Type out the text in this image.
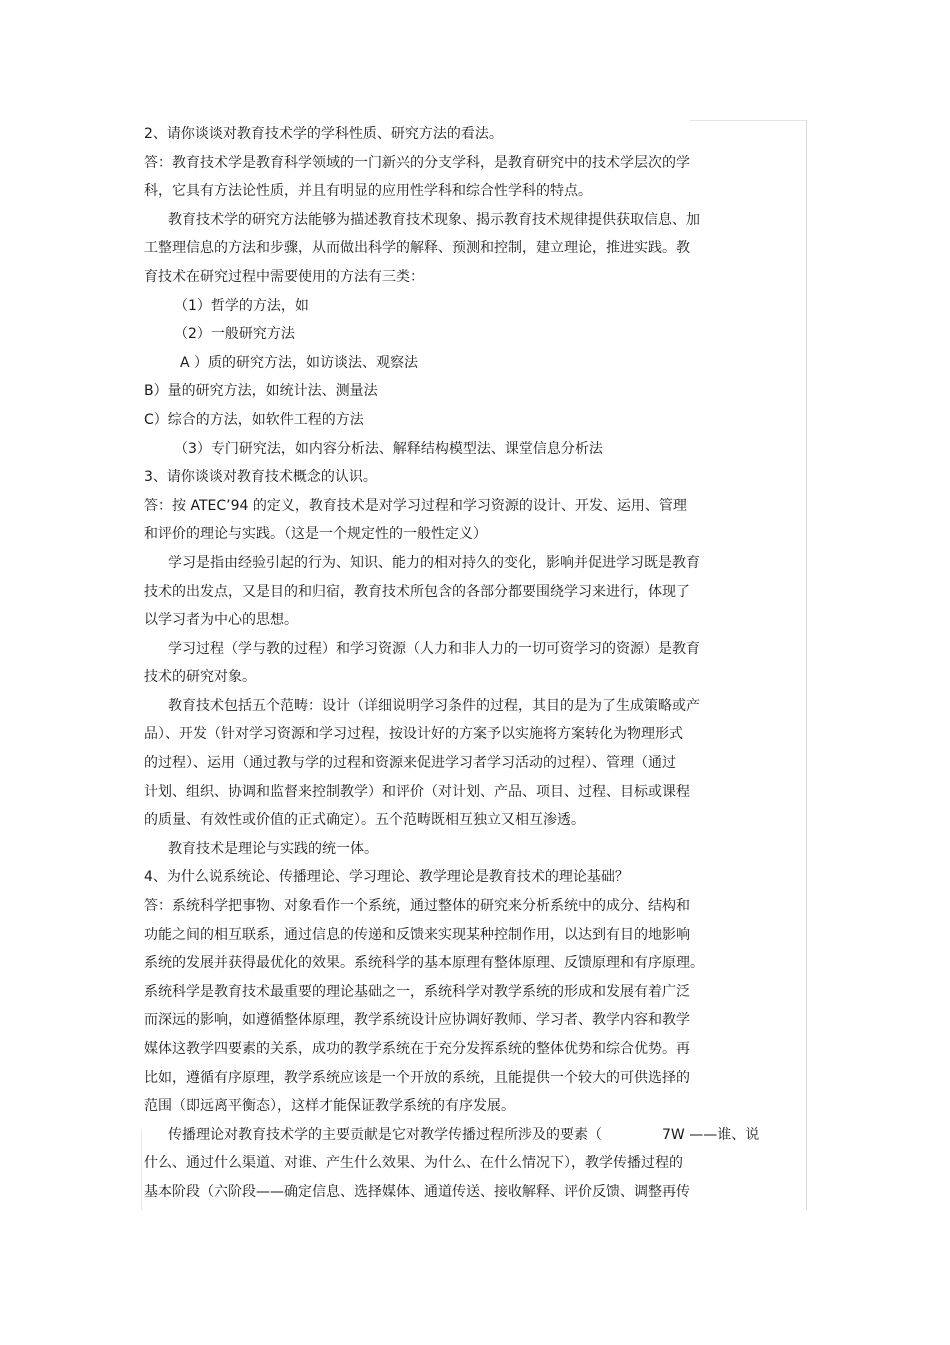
2、请你谈谈对教育技术学的学科性质、研究方法的看法。
答：教育技术学是教育科学领域的一门新兴的分支学科，是教育研究中的技术学层次的学
科，它具有方法论性质，并且有明显的应用性学科和综合性学科的特点。
教育技术学的研究方法能够为描述教育技术现象、揭示教育技术规律提供获取信息、加
工整理信息的方法和步骤，从而做出科学的解释、预测和控制，建立理论，推进实践。教
育技术在研究过程中需要使用的方法有三类：
（1）哲学的方法，如
（2）一般研究方法
A ）质的研究方法，如访谈法、观察法
B）量的研究方法，如统计法、测量法
C）综合的方法，如软件工程的方法
（3）专门研究法，如内容分析法、解释结构模型法、课堂信息分析法
3、请你谈谈对教育技术概念的认识。
答：按 ATEC’94 的定义，教育技术是对学习过程和学习资源的设计、开发、运用、管理
和评价的理论与实践。（这是一个规定性的一般性定义）
学习是指由经验引起的行为、知识、能力的相对持久的变化，影响并促进学习既是教育
技术的出发点，又是目的和归宿，教育技术所包含的各部分都要围绕学习来进行，体现了
以学习者为中心的思想。
学习过程（学与教的过程）和学习资源（人力和非人力的一切可资学习的资源）是教育
技术的研究对象。
教育技术包括五个范畴：设计（详细说明学习条件的过程，其目的是为了生成策略或产
品）、开发（针对学习资源和学习过程，按设计好的方案予以实施将方案转化为物理形式
的过程）、运用（通过教与学的过程和资源来促进学习者学习活动的过程）、管理（通过
计划、组织、协调和监督来控制教学）和评价（对计划、产品、项目、过程、目标或课程
的质量、有效性或价值的正式确定）。五个范畴既相互独立又相互渗透。
教育技术是理论与实践的统一体。
4、为什么说系统论、传播理论、学习理论、教学理论是教育技术的理论基础？
答：系统科学把事物、对象看作一个系统，通过整体的研究来分析系统中的成分、结构和
功能之间的相互联系，通过信息的传递和反馈来实现某种控制作用，以达到有目的地影响
系统的发展并获得最优化的效果。系统科学的基本原理有整体原理、反馈原理和有序原理。
系统科学是教育技术最重要的理论基础之一，系统科学对教学系统的形成和发展有着广泛
而深远的影响，如遵循整体原理，教学系统设计应协调好教师、学习者、教学内容和教学
媒体这教学四要素的关系，成功的教学系统在于充分发挥系统的整体优势和综合优势。再
比如，遵循有序原理，教学系统应该是一个开放的系统，且能提供一个较大的可供选择的
范围（即远离平衡态），这样才能保证教学系统的有序发展。
传播理论对教育技术学的主要贡献是它对教学传播过程所涉及的要素（	7W ——谁、说
什么、通过什么渠道、对谁、产生什么效果、为什么、在什么情况下），教学传播过程的
基本阶段（六阶段——确定信息、选择媒体、通道传送、接收解释、评价反馈、调整再传
